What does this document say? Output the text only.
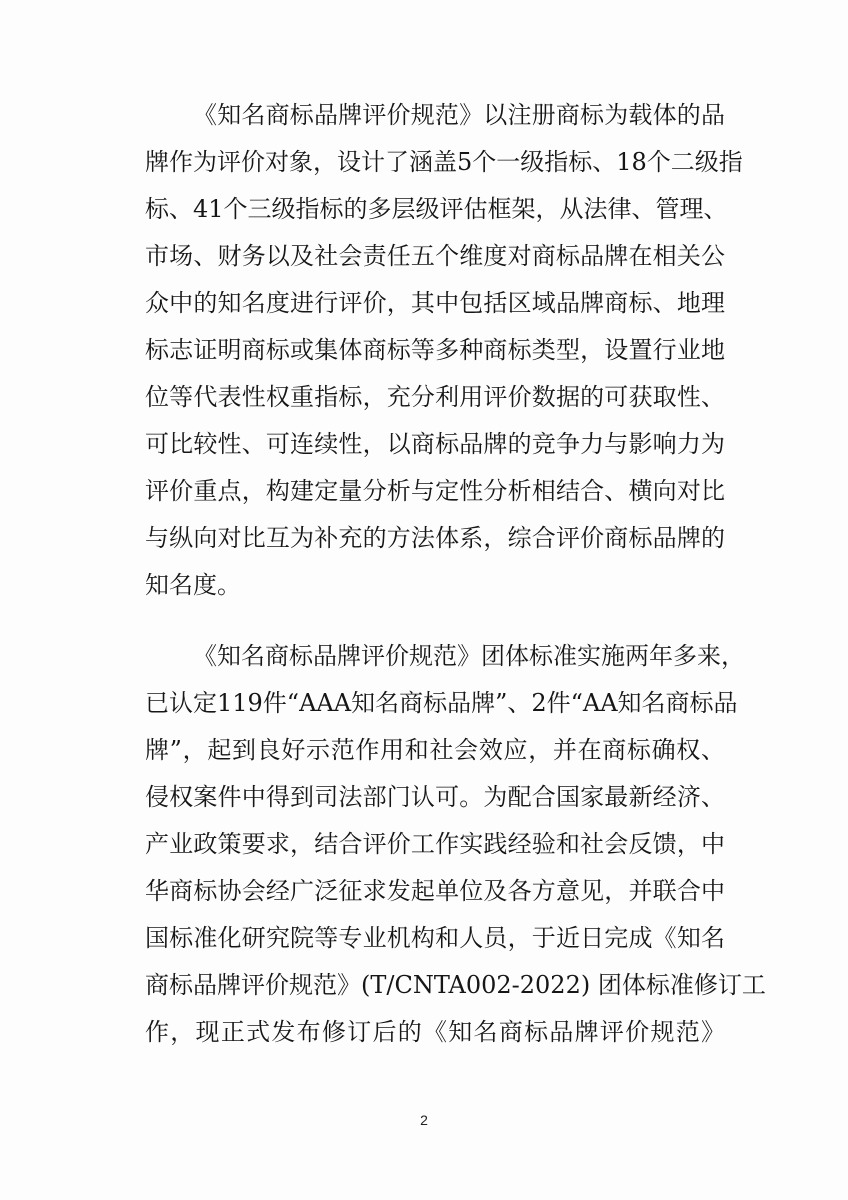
《知名商标品牌评价规范》以注册商标为载体的品
牌作为评价对象，设计了涵盖5个一级指标、18个二级指
标、41个三级指标的多层级评估框架，从法律、管理、
市场、财务以及社会责任五个维度对商标品牌在相关公
众中的知名度进行评价，其中包括区域品牌商标、地理
标志证明商标或集体商标等多种商标类型，设置行业地
位等代表性权重指标，充分利用评价数据的可获取性、
可比较性、可连续性，以商标品牌的竞争力与影响力为
评价重点，构建定量分析与定性分析相结合、横向对比
与纵向对比互为补充的方法体系，综合评价商标品牌的
知名度。
《知名商标品牌评价规范》团体标准实施两年多来，
已认定119件“AAA知名商标品牌”、2件“AA知名商标品
牌”，起到良好示范作用和社会效应，并在商标确权、
侵权案件中得到司法部门认可。为配合国家最新经济、
产业政策要求，结合评价工作实践经验和社会反馈，中
华商标协会经广泛征求发起单位及各方意见，并联合中
国标准化研究院等专业机构和人员，于近日完成《知名
商标品牌评价规范》(T/CNTA002-2022) 团体标准修订工
作，现正式发布修订后的《知名商标品牌评价规范》
2
